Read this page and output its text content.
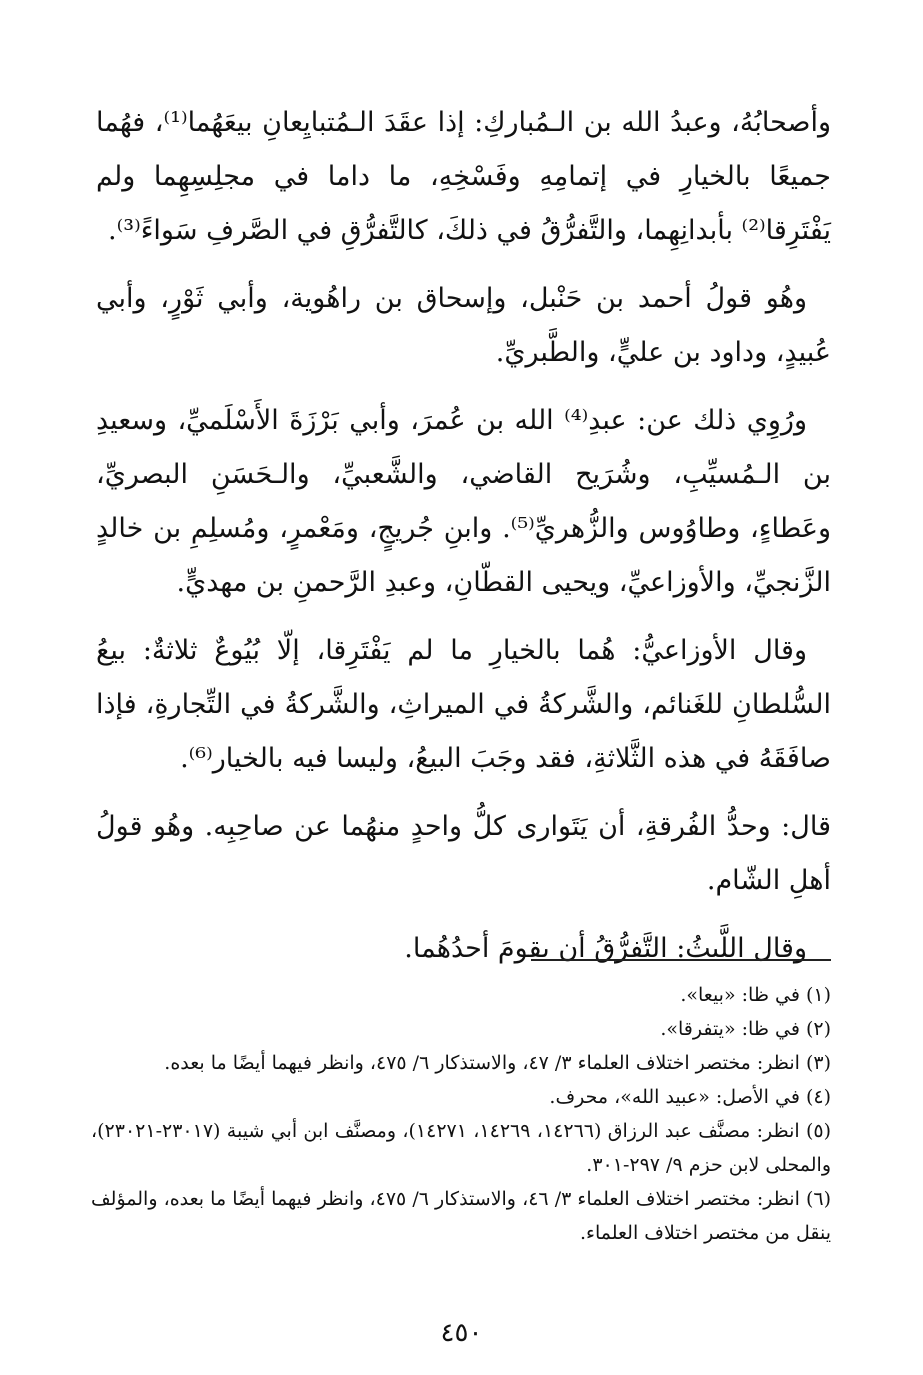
وأصحابُهُ، وعبدُ الله بن الـمُباركِ: إذا عقَدَ الـمُتبايِعانِ بيعَهُما⁽¹⁾، فهُما جميعًا بالخيارِ في إتمامِهِ وفَسْخِهِ، ما داما في مجلِسِهِما ولم يَفْتَرِقا⁽²⁾ بأبدانِهِما، والتَّفرُّقُ في ذلكَ، كالتَّفرُّقِ في الصَّرفِ سَواءً⁽³⁾.

وهُو قولُ أحمد بن حَنْبل، وإسحاق بن راهُوية، وأبي ثَوْرٍ، وأبي عُبيدٍ، وداود بن عليٍّ، والطَّبريِّ.

ورُوِي ذلك عن: عبدِ⁽⁴⁾ الله بن عُمرَ، وأبي بَرْزَةَ الأَسْلَميِّ، وسعيدِ بن الـمُسيِّبِ، وشُرَيح القاضي، والشَّعبيِّ، والـحَسَنِ البصريِّ، وعَطاءٍ، وطاوُوس والزُّهريِّ⁽⁵⁾. وابنِ جُريجٍ، ومَعْمرٍ، ومُسلِمِ بن خالدٍ الزَّنجيِّ، والأوزاعيِّ، ويحيى القطّانِ، وعبدِ الرَّحمنِ بن مهديٍّ.

وقال الأوزاعيُّ: هُما بالخيارِ ما لم يَفْتَرِقا، إلّا بُيُوعٌ ثلاثةٌ: بيعُ السُّلطانِ للغَنائم، والشَّركةُ في الميراثِ، والشَّركةُ في التِّجارةِ، فإذا صافَقَهُ في هذه الثَّلاثةِ، فقد وجَبَ البيعُ، وليسا فيه بالخيار⁽⁶⁾.

قال: وحدُّ الفُرقةِ، أن يَتَوارى كلُّ واحدٍ منهُما عن صاحِبِه. وهُو قولُ أهلِ الشّام.

وقال اللَّيثُ: التَّفرُّقُ أن يقومَ أحدُهُما.

(١) في ظا: «بيعا».

(٢) في ظا: «يتفرقا».

(٣) انظر: مختصر اختلاف العلماء ٣/ ٤٧، والاستذكار ٦/ ٤٧٥، وانظر فيهما أيضًا ما بعده.

(٤) في الأصل: «عبيد الله»، محرف.

(٥) انظر: مصنَّف عبد الرزاق (١٤٢٦٦، ١٤٢٦٩، ١٤٢٧١)، ومصنَّف ابن أبي شيبة (٢٣٠١٧-٢٣٠٢١)، والمحلى لابن حزم ٩/ ٢٩٧-٣٠١.

(٦) انظر: مختصر اختلاف العلماء ٣/ ٤٦، والاستذكار ٦/ ٤٧٥، وانظر فيهما أيضًا ما بعده، والمؤلف ينقل من مختصر اختلاف العلماء.

٤٥٠
